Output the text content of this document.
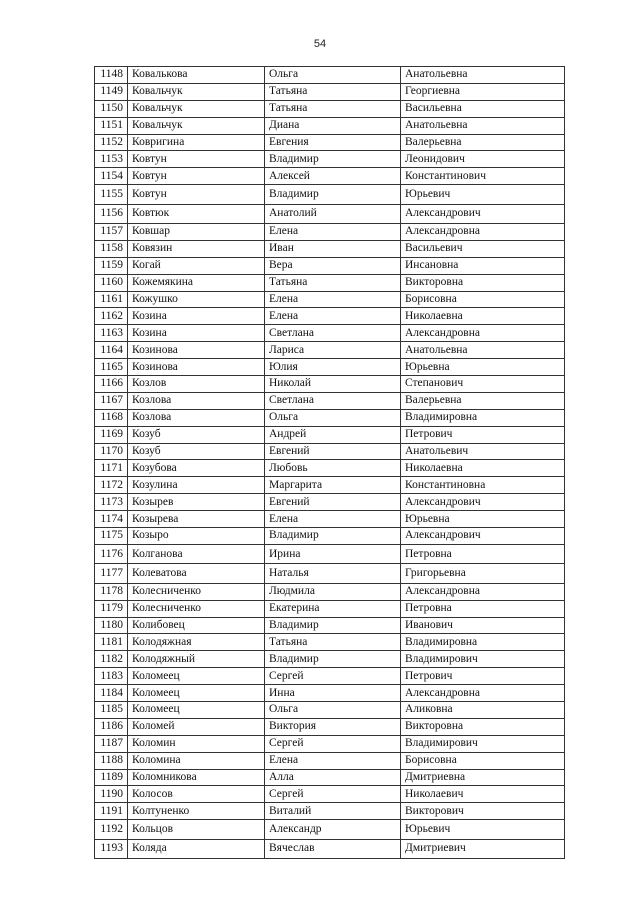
54
1148	Ковалькова	Ольга	Анатольевна
1149	Ковальчук	Татьяна	Георгиевна
1150	Ковальчук	Татьяна	Васильевна
1151	Ковальчук	Диана	Анатольевна
1152	Ковригина	Евгения	Валерьевна
1153	Ковтун	Владимир	Леонидович
1154	Ковтун	Алексей	Константинович
1155	Ковтун	Владимир	Юрьевич
1156	Ковтюк	Анатолий	Александрович
1157	Ковшар	Елена	Александровна
1158	Ковязин	Иван	Васильевич
1159	Когай	Вера	Инсановна
1160	Кожемякина	Татьяна	Викторовна
1161	Кожушко	Елена	Борисовна
1162	Козина	Елена	Николаевна
1163	Козина	Светлана	Александровна
1164	Козинова	Лариса	Анатольевна
1165	Козинова	Юлия	Юрьевна
1166	Козлов	Николай	Степанович
1167	Козлова	Светлана	Валерьевна
1168	Козлова	Ольга	Владимировна
1169	Козуб	Андрей	Петрович
1170	Козуб	Евгений	Анатольевич
1171	Козубова	Любовь	Николаевна
1172	Козулина	Маргарита	Константиновна
1173	Козырев	Евгений	Александрович
1174	Козырева	Елена	Юрьевна
1175	Козыро	Владимир	Александрович
1176	Колганова	Ирина	Петровна
1177	Колеватова	Наталья	Григорьевна
1178	Колесниченко	Людмила	Александровна
1179	Колесниченко	Екатерина	Петровна
1180	Колибовец	Владимир	Иванович
1181	Колодяжная	Татьяна	Владимировна
1182	Колодяжный	Владимир	Владимирович
1183	Коломеец	Сергей	Петрович
1184	Коломеец	Инна	Александровна
1185	Коломеец	Ольга	Аликовна
1186	Коломей	Виктория	Викторовна
1187	Коломин	Сергей	Владимирович
1188	Коломина	Елена	Борисовна
1189	Коломникова	Алла	Дмитриевна
1190	Колосов	Сергей	Николаевич
1191	Колтуненко	Виталий	Викторович
1192	Кольцов	Александр	Юрьевич
1193	Коляда	Вячеслав	Дмитриевич
